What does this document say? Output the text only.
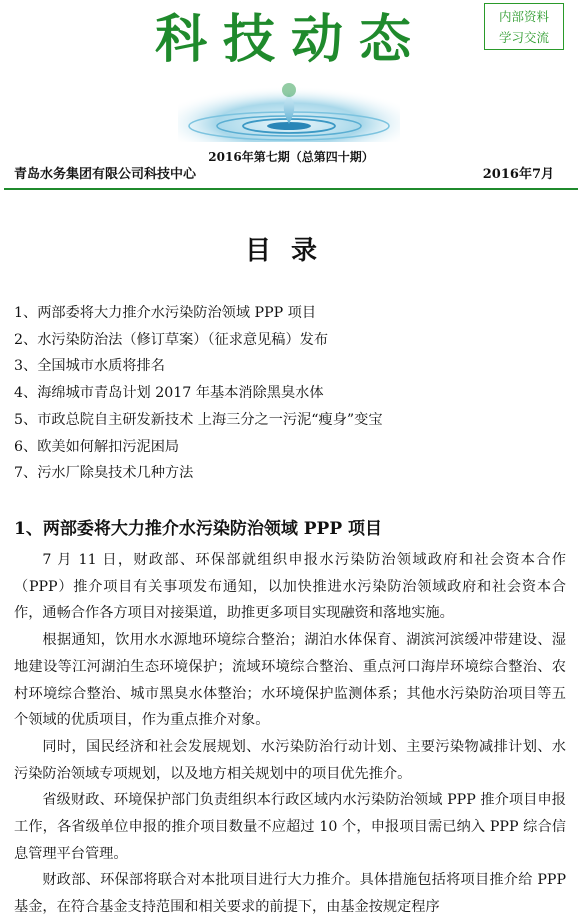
科技动态	内部资料
学习交流
2016年第七期（总第四十期）
青岛水务集团有限公司科技中心	2016年7月
目录
1、两部委将大力推介水污染防治领域 PPP 项目
2、水污染防治法（修订草案）（征求意见稿）发布
3、全国城市水质将排名
4、海绵城市青岛计划 2017 年基本消除黑臭水体
5、市政总院自主研发新技术 上海三分之一污泥“瘦身”变宝
6、欧美如何解扣污泥困局
7、污水厂除臭技术几种方法
1、两部委将大力推介水污染防治领域 PPP 项目

7 月 11 日，财政部、环保部就组织申报水污染防治领域政府和社会资本合作（PPP）推介项目有关事项发布通知，以加快推进水污染防治领域政府和社会资本合作，通畅合作各方项目对接渠道，助推更多项目实现融资和落地实施。

根据通知，饮用水水源地环境综合整治；湖泊水体保育、湖滨河滨缓冲带建设、湿地建设等江河湖泊生态环境保护；流域环境综合整治、重点河口海岸环境综合整治、农村环境综合整治、城市黑臭水体整治；水环境保护监测体系；其他水污染防治项目等五个领域的优质项目，作为重点推介对象。

同时，国民经济和社会发展规划、水污染防治行动计划、主要污染物减排计划、水污染防治领域专项规划，以及地方相关规划中的项目优先推介。

省级财政、环境保护部门负责组织本行政区域内水污染防治领域 PPP 推介项目申报工作，各省级单位申报的推介项目数量不应超过 10 个，申报项目需已纳入 PPP 综合信息管理平台管理。

财政部、环保部将联合对本批项目进行大力推介。具体措施包括将项目推介给 PPP 基金，在符合基金支持范围和相关要求的前提下，由基金按规定程序
